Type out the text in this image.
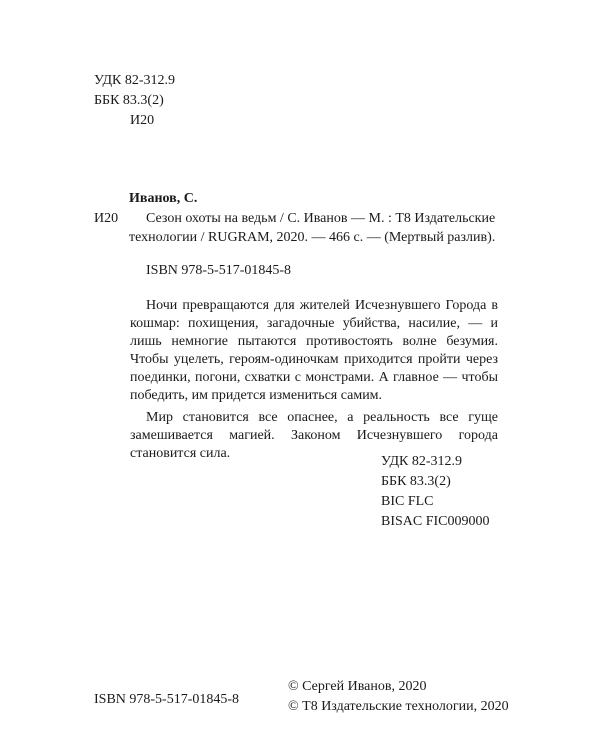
УДК 82-312.9
ББК 83.3(2)
И20
Иванов, С.
И20 Сезон охоты на ведьм / С. Иванов — М. : Т8 Издательские
технологии / RUGRAM, 2020. — 466 с. — (Мертвый разлив).
ISBN 978-5-517-01845-8

Ночи превращаются для жителей Исчезнувшего Города в кошмар: похищения, загадочные убийства, насилие, — и лишь немногие пытаются противостоять волне безумия. Чтобы уцелеть, героям-одиночкам приходится пройти через поединки, погони, схватки с монстрами. А главное — чтобы победить, им придется измениться самим.

Мир становится все опаснее, а реальность все гуще замешивается магией. Законом Исчезнувшего города становится сила.

УДК 82-312.9
ББК 83.3(2)
BIC FLC
BISAC FIC009000
ISBN 978-5-517-01845-8
© Сергей Иванов, 2020
© Т8 Издательские технологии, 2020
